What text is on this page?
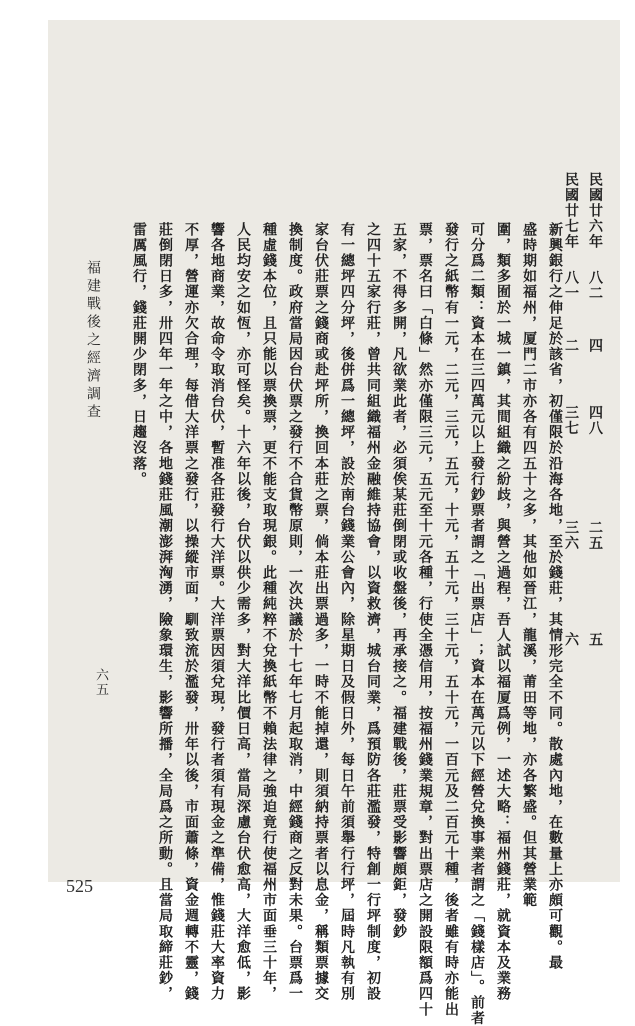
福建戰後之經濟調查
六五	新興銀行之伸足於該省，初僅限於沿海各地，至於錢莊，其情形完全不同。散處內地，在數量上亦頗可觀。最
盛時期如福州，厦門二市亦各有四五十之多，其他如晉江，龍溪，莆田等地，亦各繁盛。但其營業範
圍，類多囿於一城一鎮，其間組織之紛歧，與營之過程，吾人試以福厦爲例，一述大略：福州錢莊，就資本及業務
可分爲二類：資本在三四萬元以上發行鈔票者謂之「出票店」；資本在萬元以下經營兌換事業者謂之「錢樣店」。前者
發行之紙幣有一元，二元，三元，五元，十元，五十元，三十元，五十元，一百元及二百元十種，後者雖有時亦能出
票，票名曰「白條」然亦僅限三元，五元至十元各種，行使全憑信用，按福州錢業規章，對出票店之開設限額爲四十
五家，不得多開，凡欲業此者，必須俟某莊倒閉或收盤後，再承接之。福建戰後，莊票受影響頗鉅，發鈔
之四十五家行莊，曾共同組織福州金融維持協會，以資救濟，城台同業，爲預防各莊濫發，特創一行坪制度，初設
有一總坪四分坪，後併爲一總坪，設於南台錢業公會內，除星期日及假日外，每日午前須舉行行坪，屆時凡執有別
家台伏莊票之錢商或赴坪所，換回本莊之票，倘本莊出票過多，一時不能掉還，則須納持票者以息金，稱類票據交
換制度。政府當局因台伏票之發行不合貨幣原則，一次決議於十七年七月起取消，中經錢商之反對未果。台票爲一
種虛錢本位，且只能以票換票，更不能支取現銀。此種純粹不兌換紙幣不賴法律之強迫竟行使福州市面垂三十年，
人民均安之如恆，亦可怪矣。十六年以後，台伏以供少需多，對大洋比價日高，當局深慮台伏愈高，大洋愈低，影
響各地商業，故命令取消台伏，暫准各莊發行大洋票。大洋票因須兌現，發行者須有現金之準備，惟錢莊大率資力
不厚，營運亦欠合理，每借大洋票之發行，以操縱市面，馴致流於濫發，卅年以後，市面蕭條，資金週轉不靈，錢
莊倒閉日多，卅四年一年之中，各地錢莊風潮澎湃洶湧，險象環生，影響所播，全局爲之所動。且當局取締莊鈔，
雷厲風行，錢莊開少閉多，日趨沒落。
民國廿六年
八二
四
四八
二五
五
民國廿七年
八一
二
三七
三六
六
525
